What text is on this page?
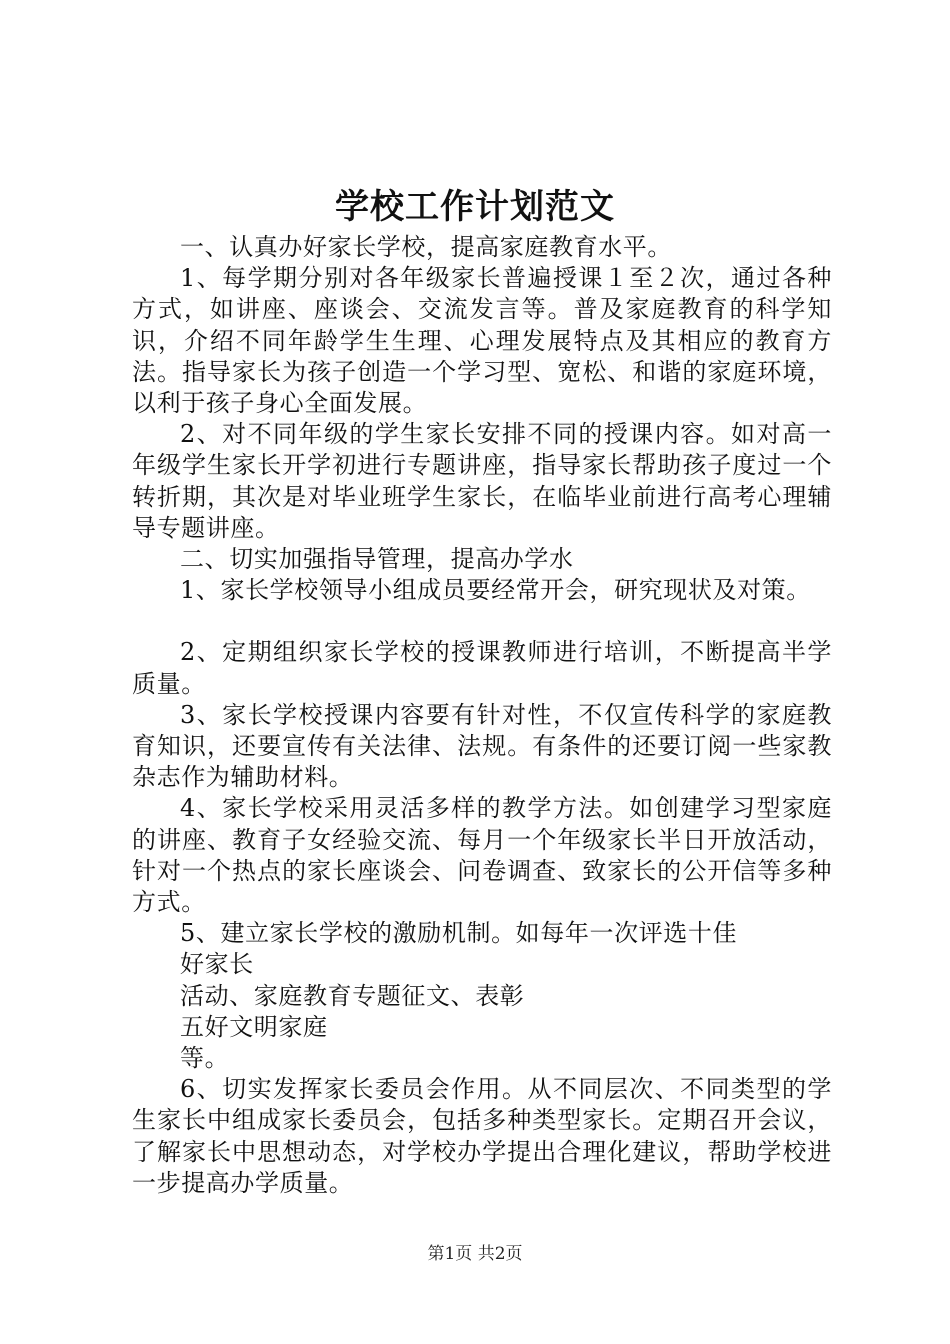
学校工作计划范文

一、认真办好家长学校，提高家庭教育水平。

1、每学期分别对各年级家长普遍授课１至２次，通过各种方式，如讲座、座谈会、交流发言等。普及家庭教育的科学知识，介绍不同年龄学生生理、心理发展特点及其相应的教育方法。指导家长为孩子创造一个学习型、宽松、和谐的家庭环境，以利于孩子身心全面发展。

2、对不同年级的学生家长安排不同的授课内容。如对高一年级学生家长开学初进行专题讲座，指导家长帮助孩子度过一个转折期，其次是对毕业班学生家长，在临毕业前进行高考心理辅导专题讲座。

二、切实加强指导管理，提高办学水

1、家长学校领导小组成员要经常开会，研究现状及对策。

2、定期组织家长学校的授课教师进行培训，不断提高半学质量。

3、家长学校授课内容要有针对性，不仅宣传科学的家庭教育知识，还要宣传有关法律、法规。有条件的还要订阅一些家教杂志作为辅助材料。

4、家长学校采用灵活多样的教学方法。如创建学习型家庭的讲座、教育子女经验交流、每月一个年级家长半日开放活动，针对一个热点的家长座谈会、问卷调查、致家长的公开信等多种方式。

5、建立家长学校的激励机制。如每年一次评选十佳

好家长

活动、家庭教育专题征文、表彰

五好文明家庭

等。

6、切实发挥家长委员会作用。从不同层次、不同类型的学生家长中组成家长委员会，包括多种类型家长。定期召开会议，了解家长中思想动态，对学校办学提出合理化建议，帮助学校进一步提高办学质量。

第1页 共2页
